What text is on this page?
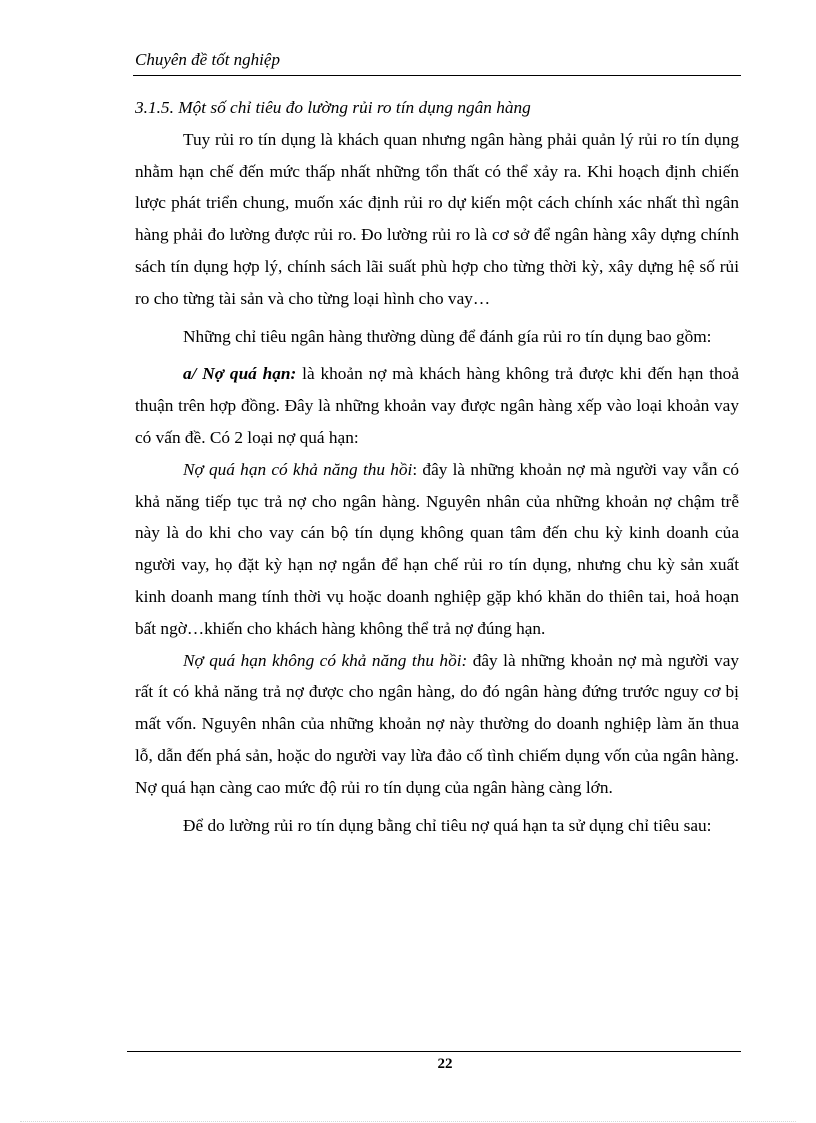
Chuyên đề tốt nghiệp

3.1.5. Một số chỉ tiêu đo lường rủi ro tín dụng ngân hàng

Tuy rủi ro tín dụng là khách quan nhưng ngân hàng phải quản lý rủi ro tín dụng nhằm hạn chế đến mức thấp nhất những tổn thất có thể xảy ra. Khi hoạch định chiến lược phát triển chung, muốn xác định rủi ro dự kiến một cách chính xác nhất thì ngân hàng phải đo lường được rủi ro. Đo lường rủi ro là cơ sở để ngân hàng xây dựng chính sách tín dụng hợp lý, chính sách lãi suất phù hợp cho từng thời kỳ, xây dựng hệ số rủi ro cho từng tài sản và cho từng loại hình cho vay…

Những chỉ tiêu ngân hàng thường dùng để đánh gía rủi ro tín dụng bao gồm:

a/ Nợ quá hạn: là khoản nợ mà khách hàng không trả được khi đến hạn thoả thuận trên hợp đồng. Đây là những khoản vay được ngân hàng xếp vào loại khoản vay có vấn đề. Có 2 loại nợ quá hạn:

Nợ quá hạn có khả năng thu hồi: đây là những khoản nợ mà người vay vẫn có khả năng tiếp tục trả nợ cho ngân hàng. Nguyên nhân của những khoản nợ chậm trễ này là do khi cho vay cán bộ tín dụng không quan tâm đến chu kỳ kinh doanh của người vay, họ đặt kỳ hạn nợ ngắn để hạn chế rủi ro tín dụng, nhưng chu kỳ sản xuất kinh doanh mang tính thời vụ hoặc doanh nghiệp gặp khó khăn do thiên tai, hoả hoạn bất ngờ…khiến cho khách hàng không thể trả nợ đúng hạn.

Nợ quá hạn không có khả năng thu hồi: đây là những khoản nợ mà người vay rất ít có khả năng trả nợ được cho ngân hàng, do đó ngân hàng đứng trước nguy cơ bị mất vốn. Nguyên nhân của những khoản nợ này thường do doanh nghiệp làm ăn thua lỗ, dẫn đến phá sản, hoặc do người vay lừa đảo cố tình chiếm dụng vốn của ngân hàng. Nợ quá hạn càng cao mức độ rủi ro tín dụng của ngân hàng càng lớn.

Để do lường rủi ro tín dụng bằng chỉ tiêu nợ quá hạn ta sử dụng chỉ tiêu sau:

22
